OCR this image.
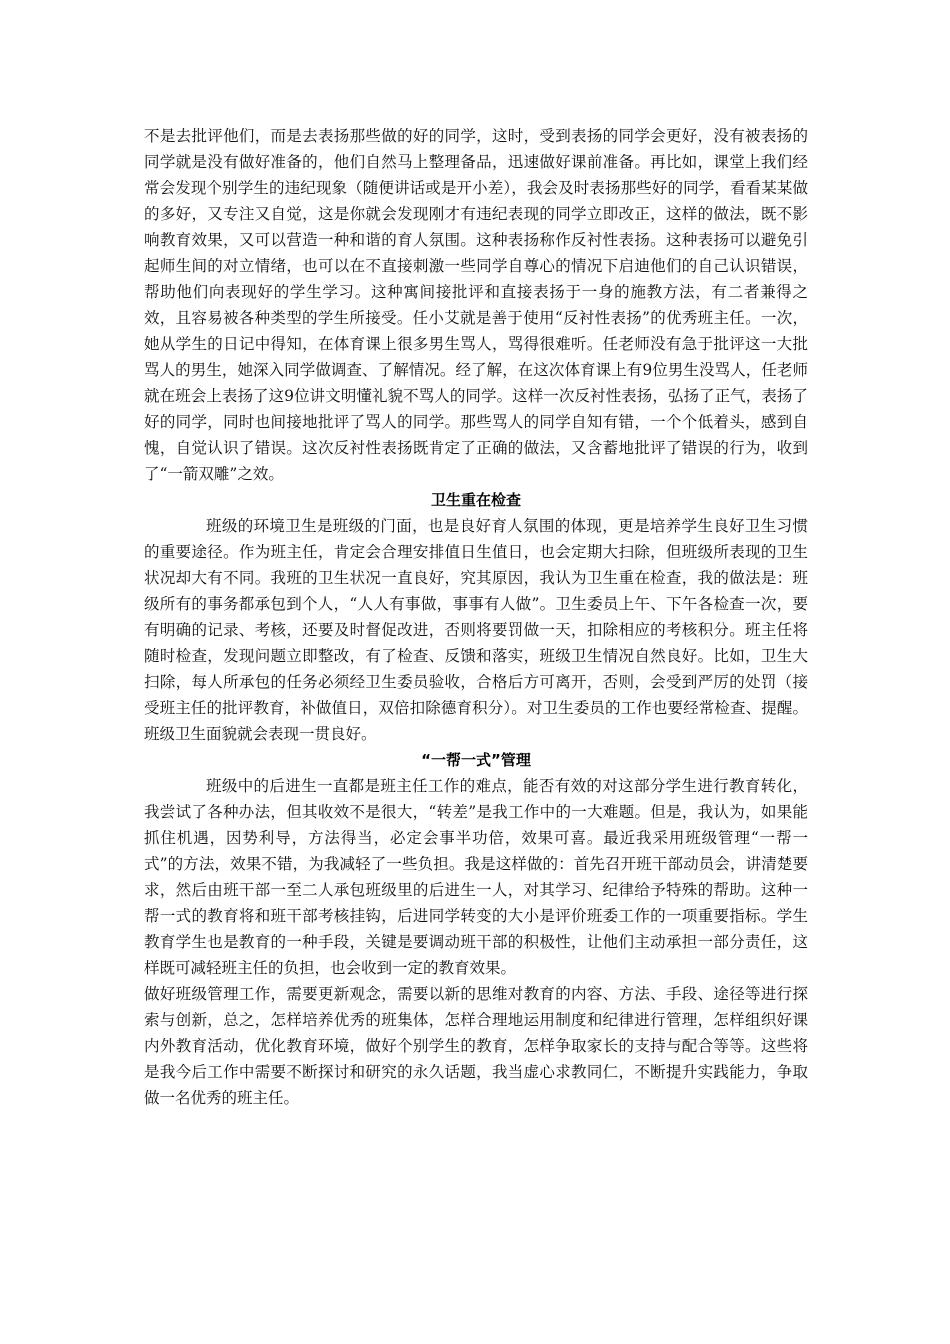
不是去批评他们，而是去表扬那些做的好的同学，这时，受到表扬的同学会更好，没有被表扬的同学就是没有做好准备的，他们自然马上整理备品，迅速做好课前准备。再比如，课堂上我们经常会发现个别学生的违纪现象（随便讲话或是开小差），我会及时表扬那些好的同学，看看某某做的多好，又专注又自觉，这是你就会发现刚才有违纪表现的同学立即改正，这样的做法，既不影响教育效果，又可以营造一种和谐的育人氛围。这种表扬称作反衬性表扬。这种表扬可以避免引起师生间的对立情绪，也可以在不直接刺激一些同学自尊心的情况下启迪他们的自己认识错误，帮助他们向表现好的学生学习。这种寓间接批评和直接表扬于一身的施教方法，有二者兼得之效，且容易被各种类型的学生所接受。任小艾就是善于使用“反衬性表扬”的优秀班主任。一次，她从学生的日记中得知，在体育课上很多男生骂人，骂得很难听。任老师没有急于批评这一大批骂人的男生，她深入同学做调查、了解情况。经了解，在这次体育课上有9位男生没骂人，任老师就在班会上表扬了这9位讲文明懂礼貌不骂人的同学。这样一次反衬性表扬，弘扬了正气，表扬了好的同学，同时也间接地批评了骂人的同学。那些骂人的同学自知有错，一个个低着头，感到自愧，自觉认识了错误。这次反衬性表扬既肯定了正确的做法，又含蓄地批评了错误的行为，收到了“一箭双雕”之效。

卫生重在检查

班级的环境卫生是班级的门面，也是良好育人氛围的体现，更是培养学生良好卫生习惯的重要途径。作为班主任，肯定会合理安排值日生值日，也会定期大扫除，但班级所表现的卫生状况却大有不同。我班的卫生状况一直良好，究其原因，我认为卫生重在检查，我的做法是：班级所有的事务都承包到个人，“人人有事做，事事有人做”。卫生委员上午、下午各检查一次，要有明确的记录、考核，还要及时督促改进，否则将要罚做一天，扣除相应的考核积分。班主任将随时检查，发现问题立即整改，有了检查、反馈和落实，班级卫生情况自然良好。比如，卫生大扫除，每人所承包的任务必须经卫生委员验收，合格后方可离开，否则，会受到严厉的处罚（接受班主任的批评教育，补做值日，双倍扣除德育积分）。对卫生委员的工作也要经常检查、提醒。班级卫生面貌就会表现一贯良好。

“一帮一式”管理

班级中的后进生一直都是班主任工作的难点，能否有效的对这部分学生进行教育转化，我尝试了各种办法，但其收效不是很大，“转差”是我工作中的一大难题。但是，我认为，如果能抓住机遇，因势利导，方法得当，必定会事半功倍，效果可喜。最近我采用班级管理“一帮一式”的方法，效果不错，为我减轻了一些负担。我是这样做的：首先召开班干部动员会，讲清楚要求，然后由班干部一至二人承包班级里的后进生一人，对其学习、纪律给予特殊的帮助。这种一帮一式的教育将和班干部考核挂钩，后进同学转变的大小是评价班委工作的一项重要指标。学生教育学生也是教育的一种手段，关键是要调动班干部的积极性，让他们主动承担一部分责任，这样既可减轻班主任的负担，也会收到一定的教育效果。

做好班级管理工作，需要更新观念，需要以新的思维对教育的内容、方法、手段、途径等进行探索与创新，总之，怎样培养优秀的班集体，怎样合理地运用制度和纪律进行管理，怎样组织好课内外教育活动，优化教育环境，做好个别学生的教育，怎样争取家长的支持与配合等等。这些将是我今后工作中需要不断探讨和研究的永久话题，我当虚心求教同仁，不断提升实践能力，争取做一名优秀的班主任。
